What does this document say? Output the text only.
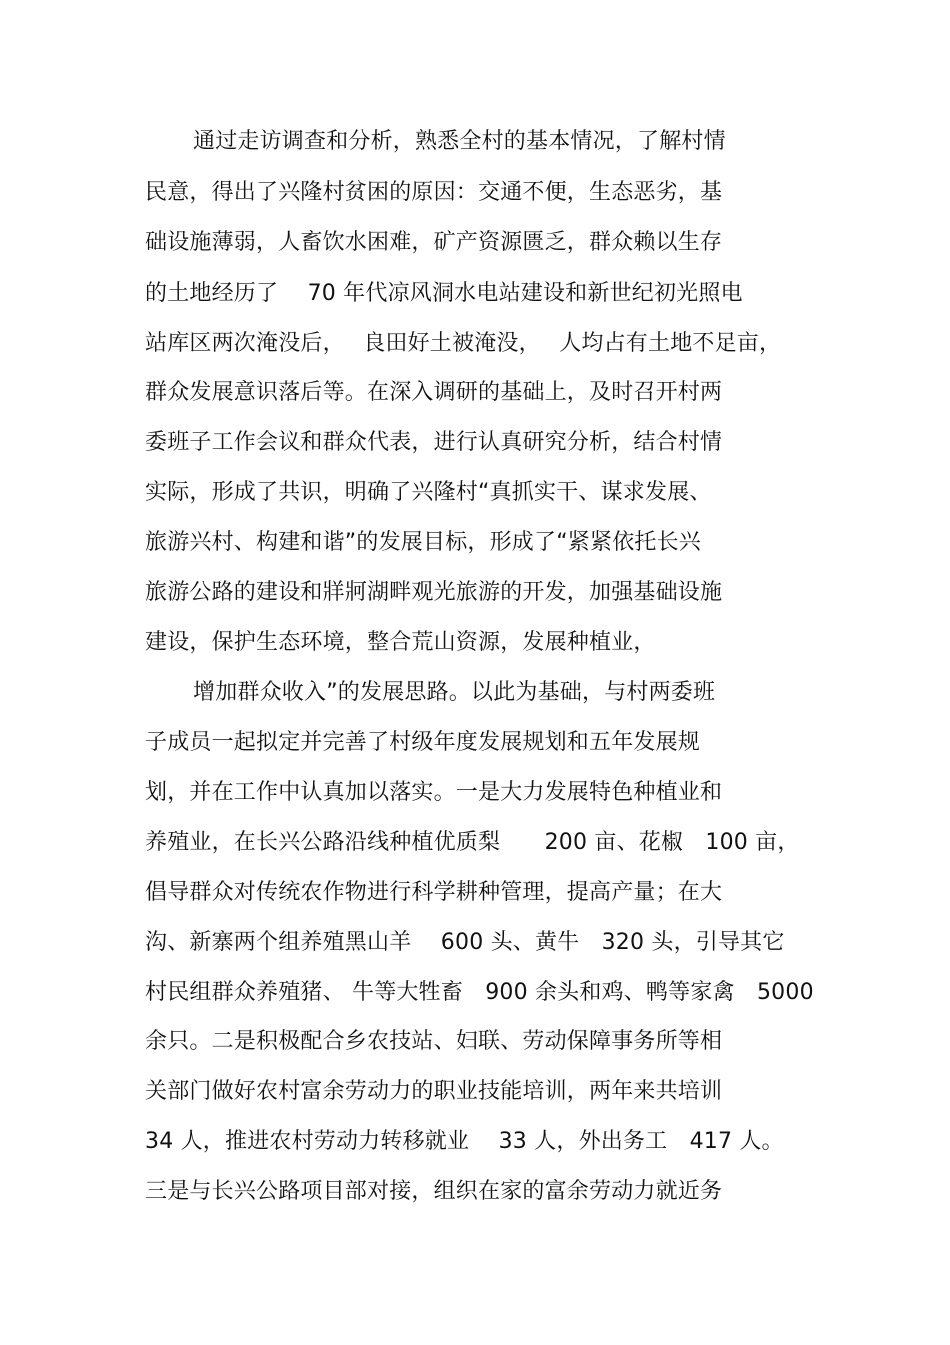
通过走访调查和分析，熟悉全村的基本情况，了解村情
民意，得出了兴隆村贫困的原因：交通不便，生态恶劣，基
础设施薄弱，人畜饮水困难，矿产资源匮乏，群众赖以生存
的土地经历了　 70 年代凉风洞水电站建设和新世纪初光照电
站库区两次淹没后，　 良田好土被淹没，　 人均占有土地不足亩，
群众发展意识落后等。在深入调研的基础上，及时召开村两
委班子工作会议和群众代表，进行认真研究分析，结合村情
实际，形成了共识，明确了兴隆村“真抓实干、谋求发展、
旅游兴村、构建和谐”的发展目标，形成了“紧紧依托长兴
旅游公路的建设和牂牁湖畔观光旅游的开发，加强基础设施
建设，保护生态环境，整合荒山资源，发展种植业，
增加群众收入”的发展思路。以此为基础，与村两委班
子成员一起拟定并完善了村级年度发展规划和五年发展规
划，并在工作中认真加以落实。一是大力发展特色种植业和
养殖业，在长兴公路沿线种植优质梨　　200 亩、花椒　100 亩，
倡导群众对传统农作物进行科学耕种管理，提高产量；在大
沟、新寨两个组养殖黑山羊　 600 头、黄牛　320 头，引导其它
村民组群众养殖猪、 牛等大牲畜　900 余头和鸡、鸭等家禽　5000
余只。二是积极配合乡农技站、妇联、劳动保障事务所等相
关部门做好农村富余劳动力的职业技能培训，两年来共培训
34 人，推进农村劳动力转移就业　 33 人，外出务工　417 人。
三是与长兴公路项目部对接，组织在家的富余劳动力就近务
